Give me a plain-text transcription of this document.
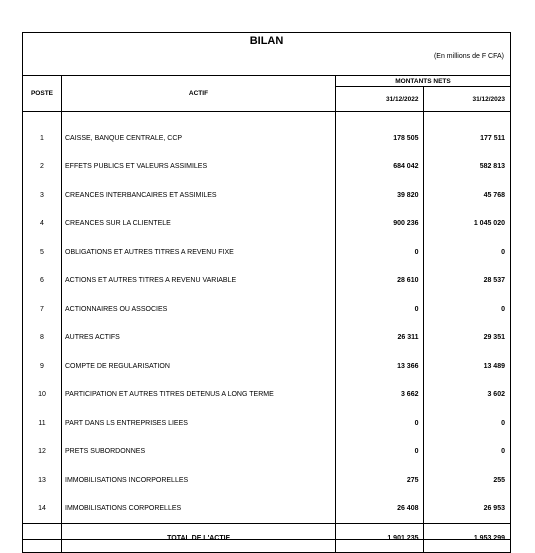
BILAN
(En millions de F CFA)
POSTE	ACTIF	MONTANTS NETS	
		31/12/2022	31/12/2023
1	CAISSE, BANQUE CENTRALE, CCP	178 505	177 511
2	EFFETS PUBLICS ET VALEURS ASSIMILES	684 042	582 813
3	CREANCES INTERBANCAIRES ET ASSIMILES	39 820	45 768
4	CREANCES SUR LA CLIENTELE	900 236	1 045 020
5	OBLIGATIONS ET AUTRES TITRES A REVENU FIXE	0	0
6	ACTIONS ET AUTRES TITRES A REVENU VARIABLE	28 610	28 537
7	ACTIONNAIRES OU ASSOCIES	0	0
8	AUTRES ACTIFS	26 311	29 351
9	COMPTE DE REGULARISATION	13 366	13 489
10	PARTICIPATION ET AUTRES TITRES DETENUS A LONG TERME	3 662	3 602
11	PART DANS LS ENTREPRISES LIEES	0	0
12	PRETS SUBORDONNES	0	0
13	IMMOBILISATIONS INCORPORELLES	275	255
14	IMMOBILISATIONS CORPORELLES	26 408	26 953
	TOTAL DE L'ACTIF	1 901 235	1 953 299
